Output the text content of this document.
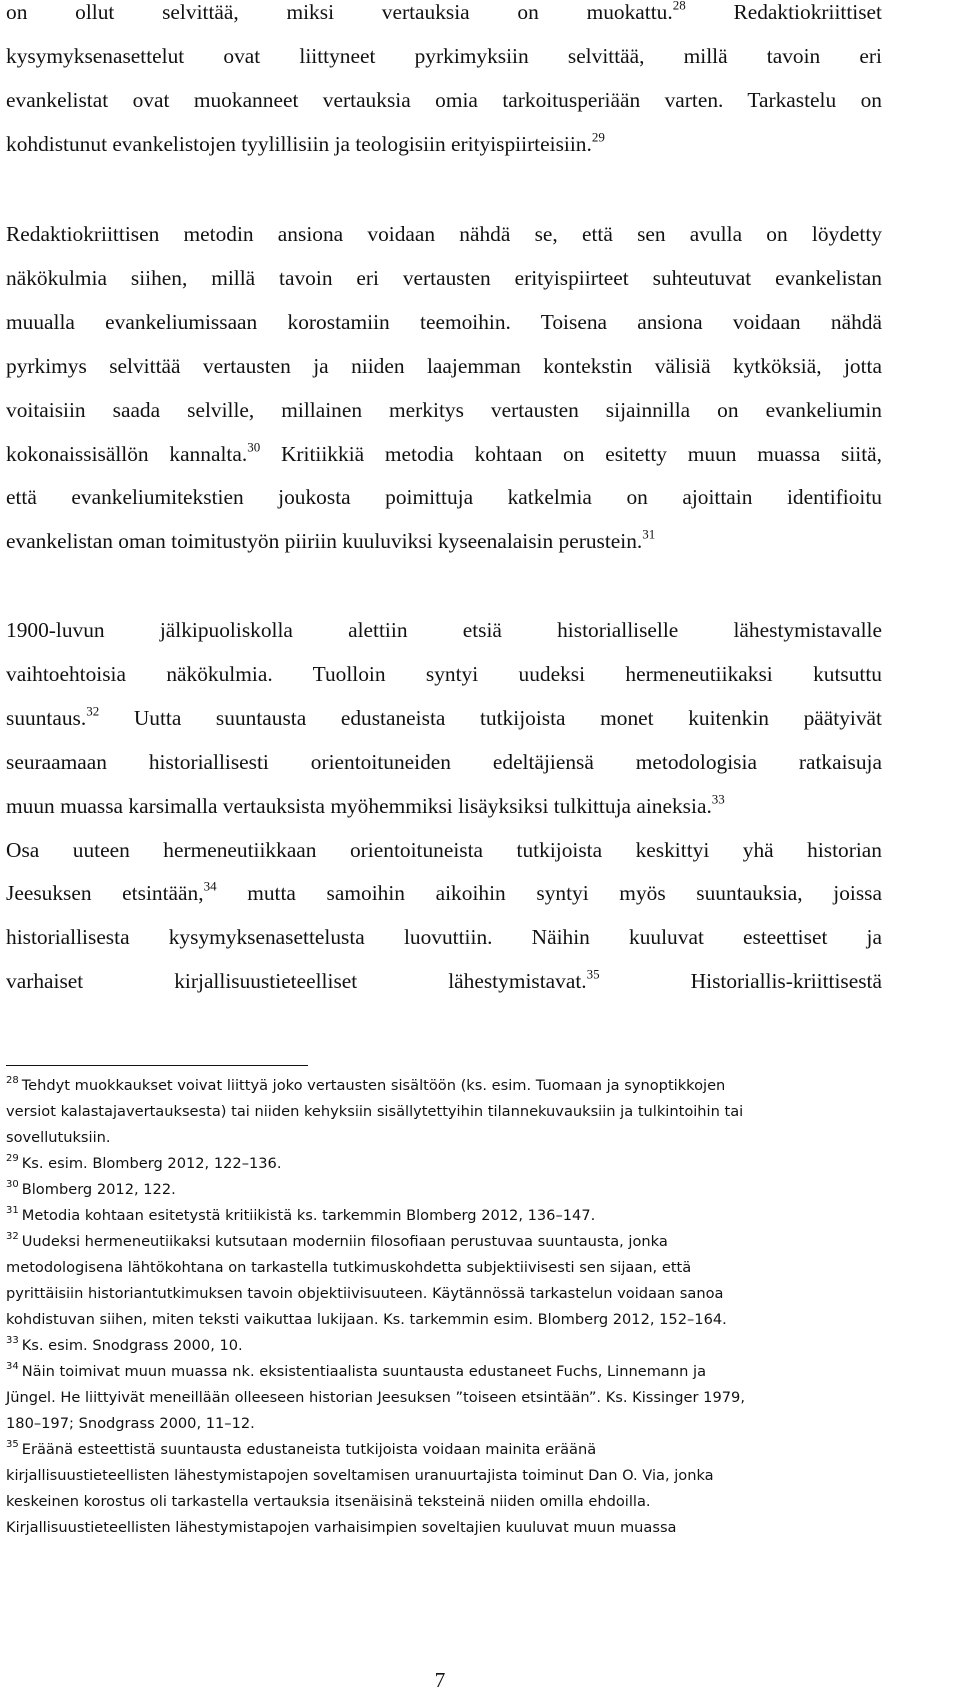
on ollut selvittää, miksi vertauksia on muokattu.$^{28}$ Redaktiokriittiset
kysymyksenasettelut ovat liittyneet pyrkimyksiin selvittää, millä tavoin eri
evankelistat ovat muokanneet vertauksia omia tarkoitusperiään varten. Tarkastelu on
kohdistunut evankelistojen tyylillisiin ja teologisiin erityispiirteisiin.$^{29}$
Redaktiokriittisen metodin ansiona voidaan nähdä se, että sen avulla on löydetty
näkökulmia siihen, millä tavoin eri vertausten erityispiirteet suhteutuvat evankelistan
muualla evankeliumissaan korostamiin teemoihin. Toisena ansiona voidaan nähdä
pyrkimys selvittää vertausten ja niiden laajemman kontekstin välisiä kytköksiä, jotta
voitaisiin saada selville, millainen merkitys vertausten sijainnilla on evankeliumin
kokonaissisällön kannalta.$^{30}$ Kritiikkiä metodia kohtaan on esitetty muun muassa siitä,
että evankeliumitekstien joukosta poimittuja katkelmia on ajoittain identifioitu
evankelistan oman toimitustyön piiriin kuuluviksi kyseenalaisin perustein.$^{31}$
1900-luvun jälkipuoliskolla alettiin etsiä historialliselle lähestymistavalle
vaihtoehtoisia näkökulmia. Tuolloin syntyi uudeksi hermeneutiikaksi kutsuttu
suuntaus.$^{32}$ Uutta suuntausta edustaneista tutkijoista monet kuitenkin päätyivät
seuraamaan historiallisesti orientoituneiden edeltäjiensä metodologisia ratkaisuja
muun muassa karsimalla vertauksista myöhemmiksi lisäyksiksi tulkittuja aineksia.$^{33}$
Osa uuteen hermeneutiikkaan orientoituneista tutkijoista keskittyi yhä historian
Jeesuksen etsintään,$^{34}$ mutta samoihin aikoihin syntyi myös suuntauksia, joissa
historiallisesta kysymyksenasettelusta luovuttiin. Näihin kuuluvat esteettiset ja
varhaiset kirjallisuustieteelliset lähestymistavat.$^{35}$ Historiallis-kriittisestä
$^{28}$ Tehdyt muokkaukset voivat liittyä joko vertausten sisältöön (ks. esim. Tuomaan ja synoptikkojen
versiot kalastajavertauksesta) tai niiden kehyksiin sisällytettyihin tilannekuvauksiin ja tulkintoihin tai
sovellutuksiin.
$^{29}$ Ks. esim. Blomberg 2012, 122–136.
$^{30}$ Blomberg 2012, 122.
$^{31}$ Metodia kohtaan esitetystä kritiikistä ks. tarkemmin Blomberg 2012, 136–147.
$^{32}$ Uudeksi hermeneutiikaksi kutsutaan moderniin filosofiaan perustuvaa suuntausta, jonka
metodologisena lähtökohtana on tarkastella tutkimuskohdetta subjektiivisesti sen sijaan, että
pyrittäisiin historiantutkimuksen tavoin objektiivisuuteen. Käytännössä tarkastelun voidaan sanoa
kohdistuvan siihen, miten teksti vaikuttaa lukijaan. Ks. tarkemmin esim. Blomberg 2012, 152–164.
$^{33}$ Ks. esim. Snodgrass 2000, 10.
$^{34}$ Näin toimivat muun muassa nk. eksistentiaalista suuntausta edustaneet Fuchs, Linnemann ja
Jüngel. He liittyivät meneillään olleeseen historian Jeesuksen ”toiseen etsintään”. Ks. Kissinger 1979,
180–197; Snodgrass 2000, 11–12.
$^{35}$ Eräänä esteettistä suuntausta edustaneista tutkijoista voidaan mainita eräänä
kirjallisuustieteellisten lähestymistapojen soveltamisen uranuurtajista toiminut Dan O. Via, jonka
keskeinen korostus oli tarkastella vertauksia itsenäisinä teksteinä niiden omilla ehdoilla.
Kirjallisuustieteellisten lähestymistapojen varhaisimpien soveltajien kuuluvat muun muassa
7
